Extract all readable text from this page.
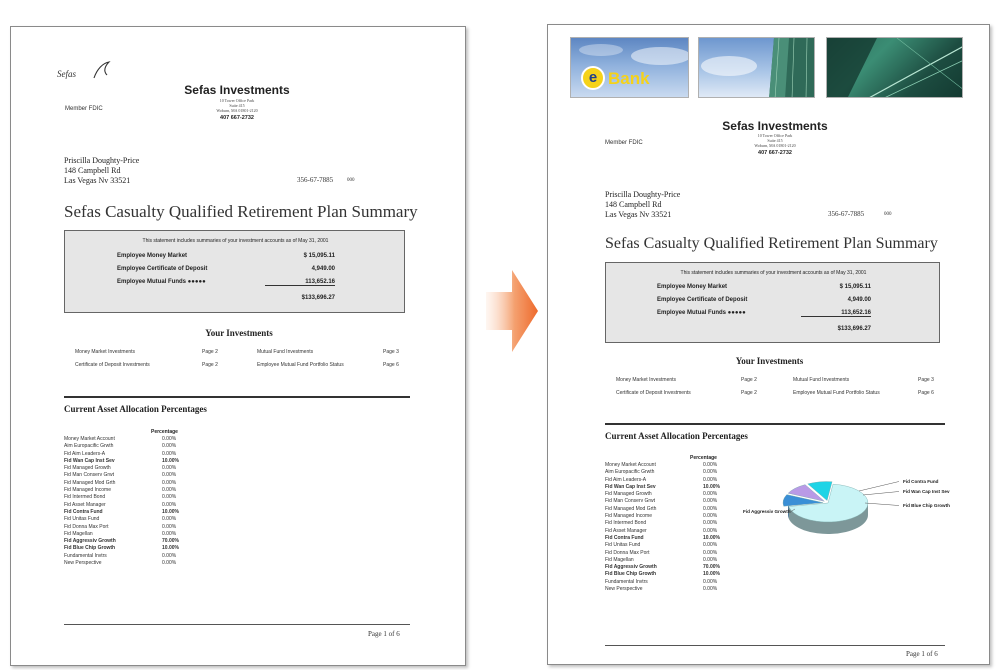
Sefas
Member FDIC
Sefas Investments
10 Tower Office Park
Suite 415
Woburn, MA 01801-2120
407 667-2732
Priscilla Doughty-Price
148 Campbell Rd
Las Vegas Nv 33521	356-67-7885	000
Sefas Casualty Qualified Retirement Plan Summary
This statement includes summaries of your investment accounts as of May 31, 2001
Employee Money Market	$ 15,095.11
Employee Certificate of Deposit	4,949.00
Employee Mutual Funds ●●●●●	113,652.16
$133,696.27
Your Investments
Money Market Investments	Page 2	Mutual Fund Investments	Page 3
Certificate of Deposit Investments	Page 2	Employee Mutual Fund Portfolio Status	Page 6
Current Asset Allocation Percentages
Percentage
Money Market Account	0.00%
Aim Europacific Grwth	0.00%
Fid Aim Leaders-A	0.00%
Fid Wan Cap Inst Sev	10.00%
Fid Managed Growth	0.00%
Fid Man Conserv Grwt	0.00%
Fid Managed Mod Grth	0.00%
Fid Managed Income	0.00%
Fid Intermed Bond	0.00%
Fid Asset Manager	0.00%
Fid Contra Fund	10.00%
Fid Unitas Fund	0.00%
Fid Donna Max Port	0.00%
Fid Magellan	0.00%
Fid Aggressiv Growth	70.00%
Fid Blue Chip Growth	10.00%
Fundamental Invtrs	0.00%
New Perspective	0.00%
Page 1 of 6
e Bank
Sefas Investments
Member FDIC
10 Tower Office Park
Suite 415
Woburn, MA 01801-2120
407 667-2732
Priscilla Doughty-Price
148 Campbell Rd
Las Vegas Nv 33521	356-67-7885	000
Sefas Casualty Qualified Retirement Plan Summary
This statement includes summaries of your investment accounts as of May 31, 2001
Employee Money Market	$ 15,095.11
Employee Certificate of Deposit	4,949.00
Employee Mutual Funds ●●●●●	113,652.16
$133,696.27
Your Investments
Money Market Investments	Page 2	Mutual Fund Investments	Page 3
Certificate of Deposit Investments	Page 2	Employee Mutual Fund Portfolio Status	Page 6
Current Asset Allocation Percentages
Percentage
Money Market Account	0.00%
Aim Europacific Grwth	0.00%
Fid Aim Leaders-A	0.00%
Fid Wan Cap Inst Sev	10.00%
Fid Managed Growth	0.00%
Fid Man Conserv Grwt	0.00%
Fid Managed Mod Grth	0.00%
Fid Managed Income	0.00%
Fid Intermed Bond	0.00%
Fid Asset Manager	0.00%
Fid Contra Fund	10.00%
Fid Unitas Fund	0.00%
Fid Donna Max Port	0.00%
Fid Magellan	0.00%
Fid Aggressiv Growth	70.00%
Fid Blue Chip Growth	10.00%
Fundamental Invtrs	0.00%
New Perspective	0.00%
Fid Aggressiv Growth
Fid Contra Fund
Fid Wan Cap Inst Sev
Fid Blue Chip Growth
Page 1 of 6
